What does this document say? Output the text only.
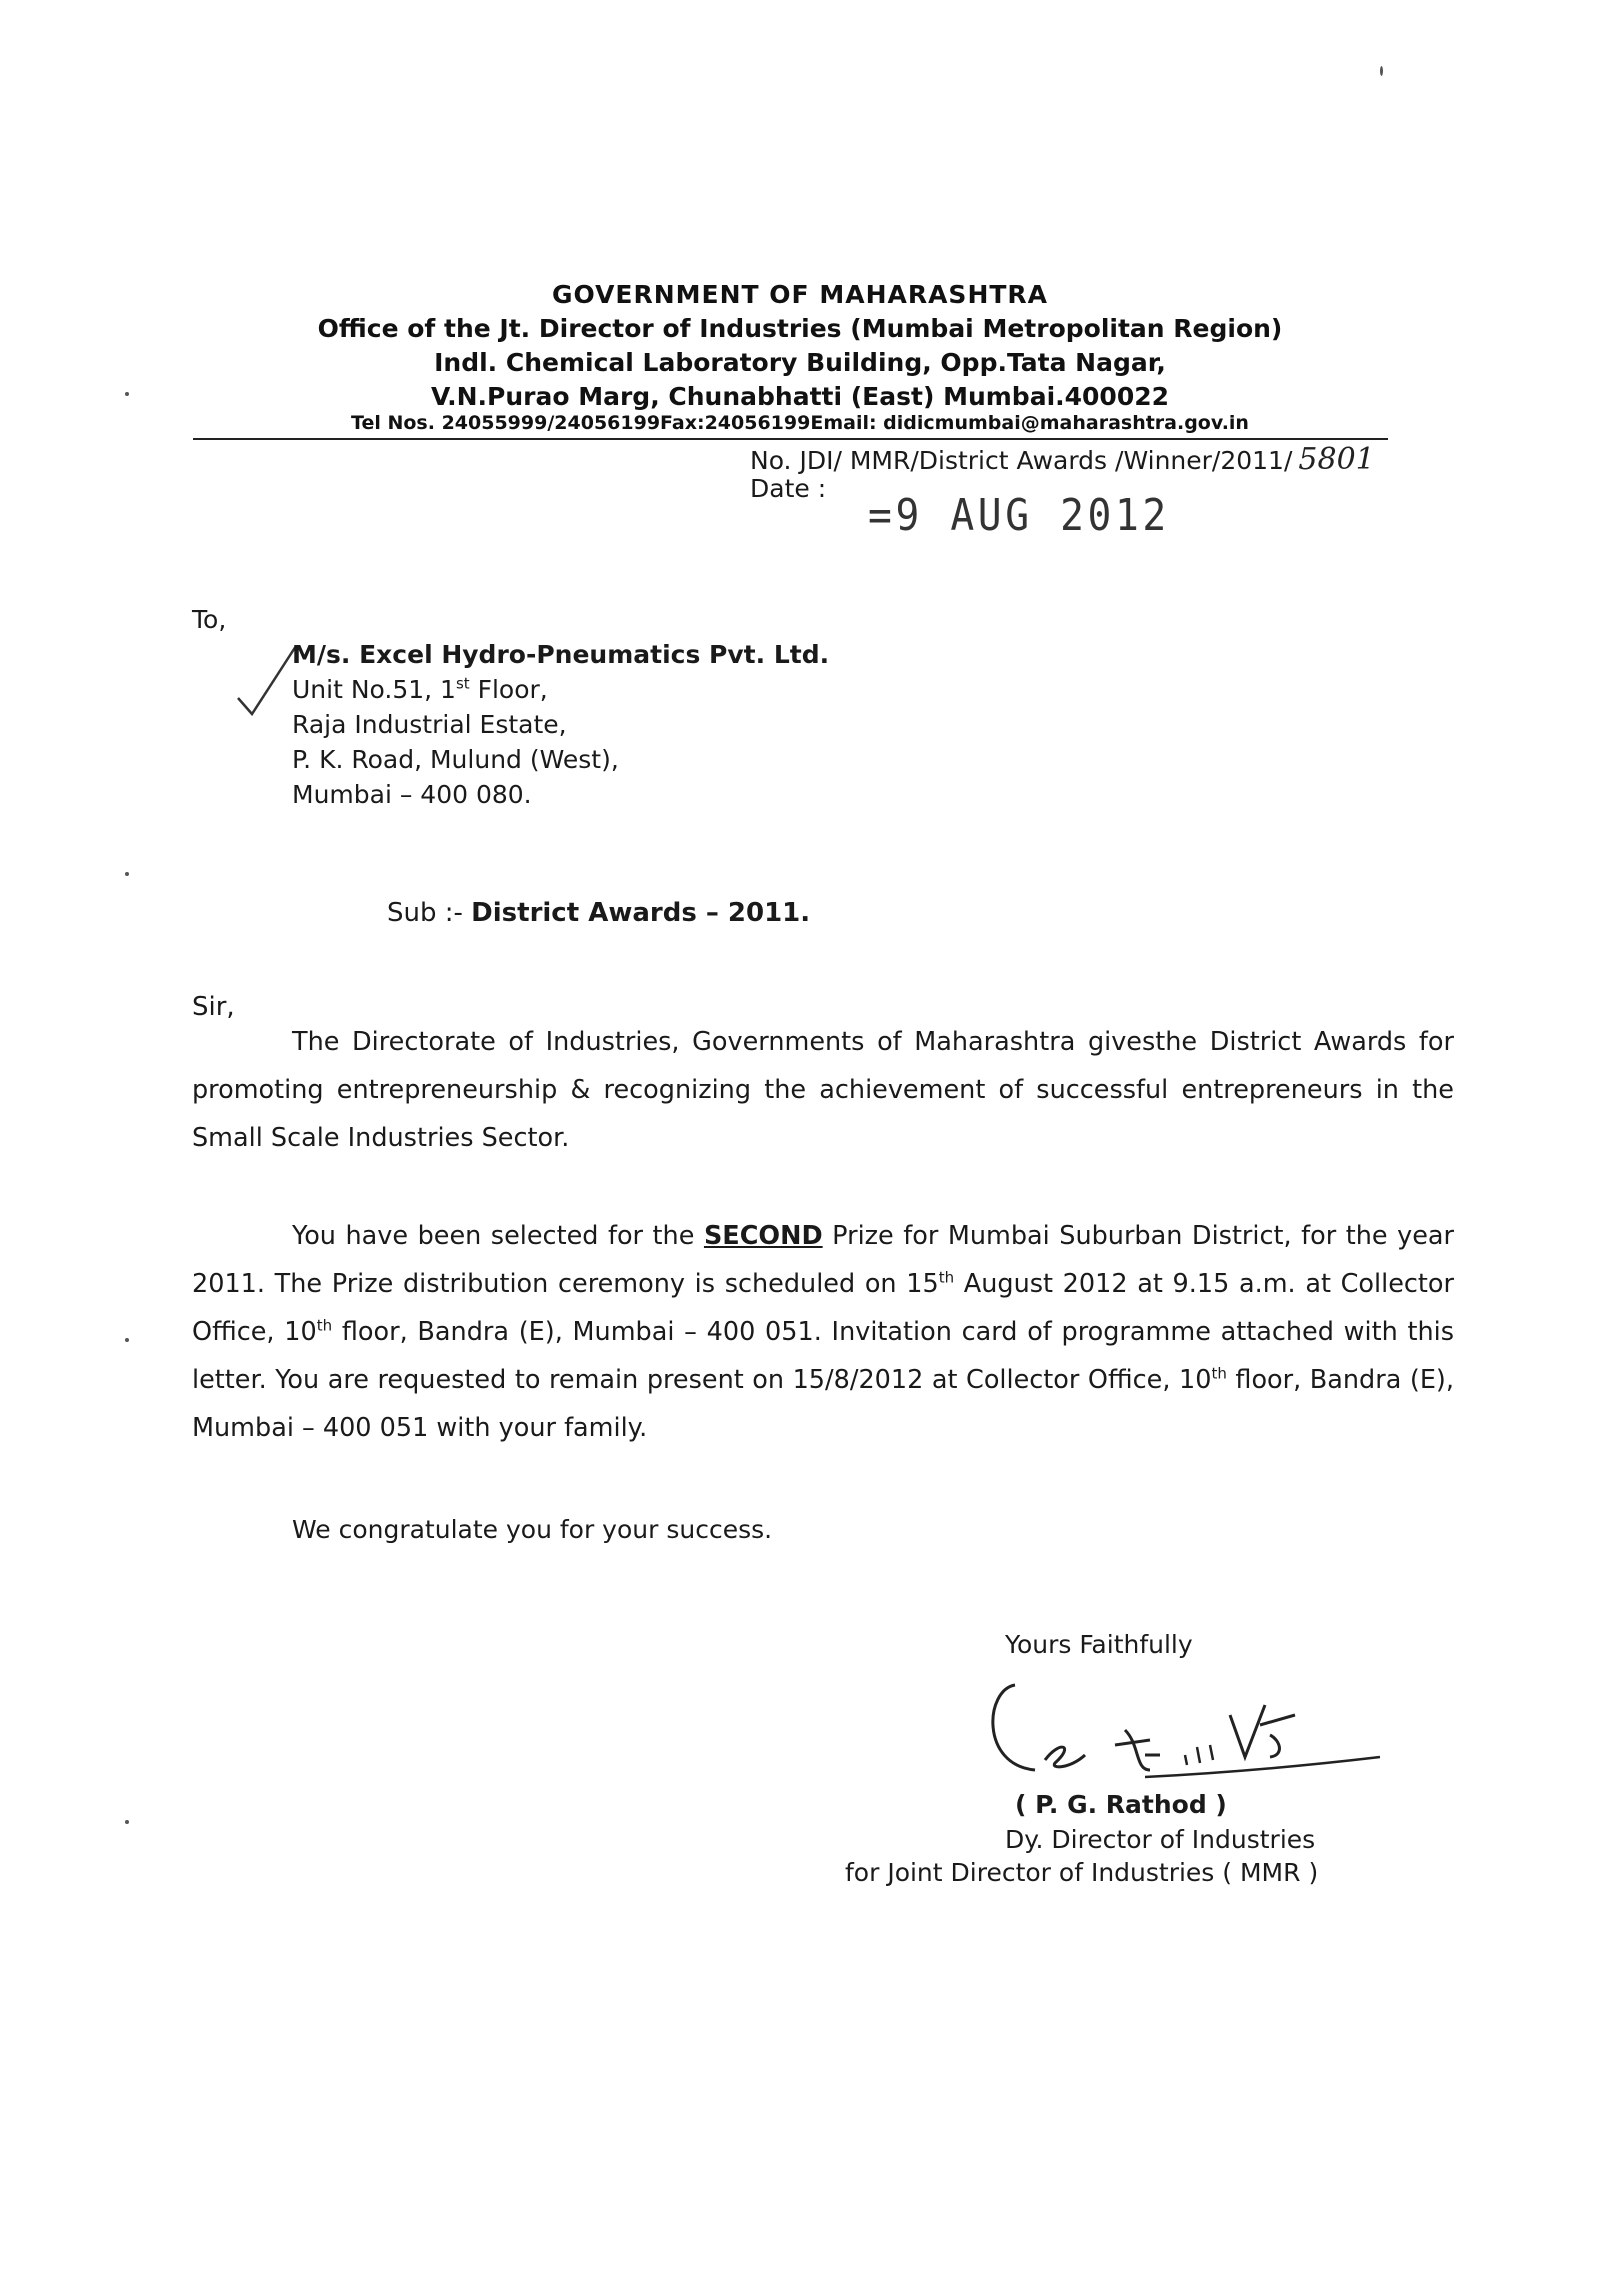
GOVERNMENT OF MAHARASHTRA
Office of the Jt. Director of Industries (Mumbai Metropolitan Region)
Indl. Chemical Laboratory Building, Opp.Tata Nagar,
V.N.Purao Marg, Chunabhatti (East) Mumbai.400022
Tel Nos. 24055999/24056199Fax:24056199Email: didicmumbai@maharashtra.gov.in
No. JDI/ MMR/District Awards /Winner/2011/ 5801
Date :
=9 AUG 2012
To,
M/s. Excel Hydro-Pneumatics Pvt. Ltd.
Unit No.51, 1st Floor,
Raja Industrial Estate,
P. K. Road, Mulund (West),
Mumbai – 400 080.
Sub :- District Awards – 2011.
Sir,

The Directorate of Industries, Governments of Maharashtra givesthe District Awards for promoting entrepreneurship & recognizing the achievement of successful entrepreneurs in the Small Scale Industries Sector.

You have been selected for the SECOND Prize for Mumbai Suburban District, for the year 2011. The Prize distribution ceremony is scheduled on 15th August 2012 at 9.15 a.m. at Collector Office, 10th floor, Bandra (E), Mumbai – 400 051. Invitation card of programme attached with this letter. You are requested to remain present on 15/8/2012 at Collector Office, 10th floor, Bandra (E), Mumbai – 400 051 with your family.

We congratulate you for your success.
Yours Faithfully
( P. G. Rathod )
Dy. Director of Industries
for Joint Director of Industries ( MMR )
